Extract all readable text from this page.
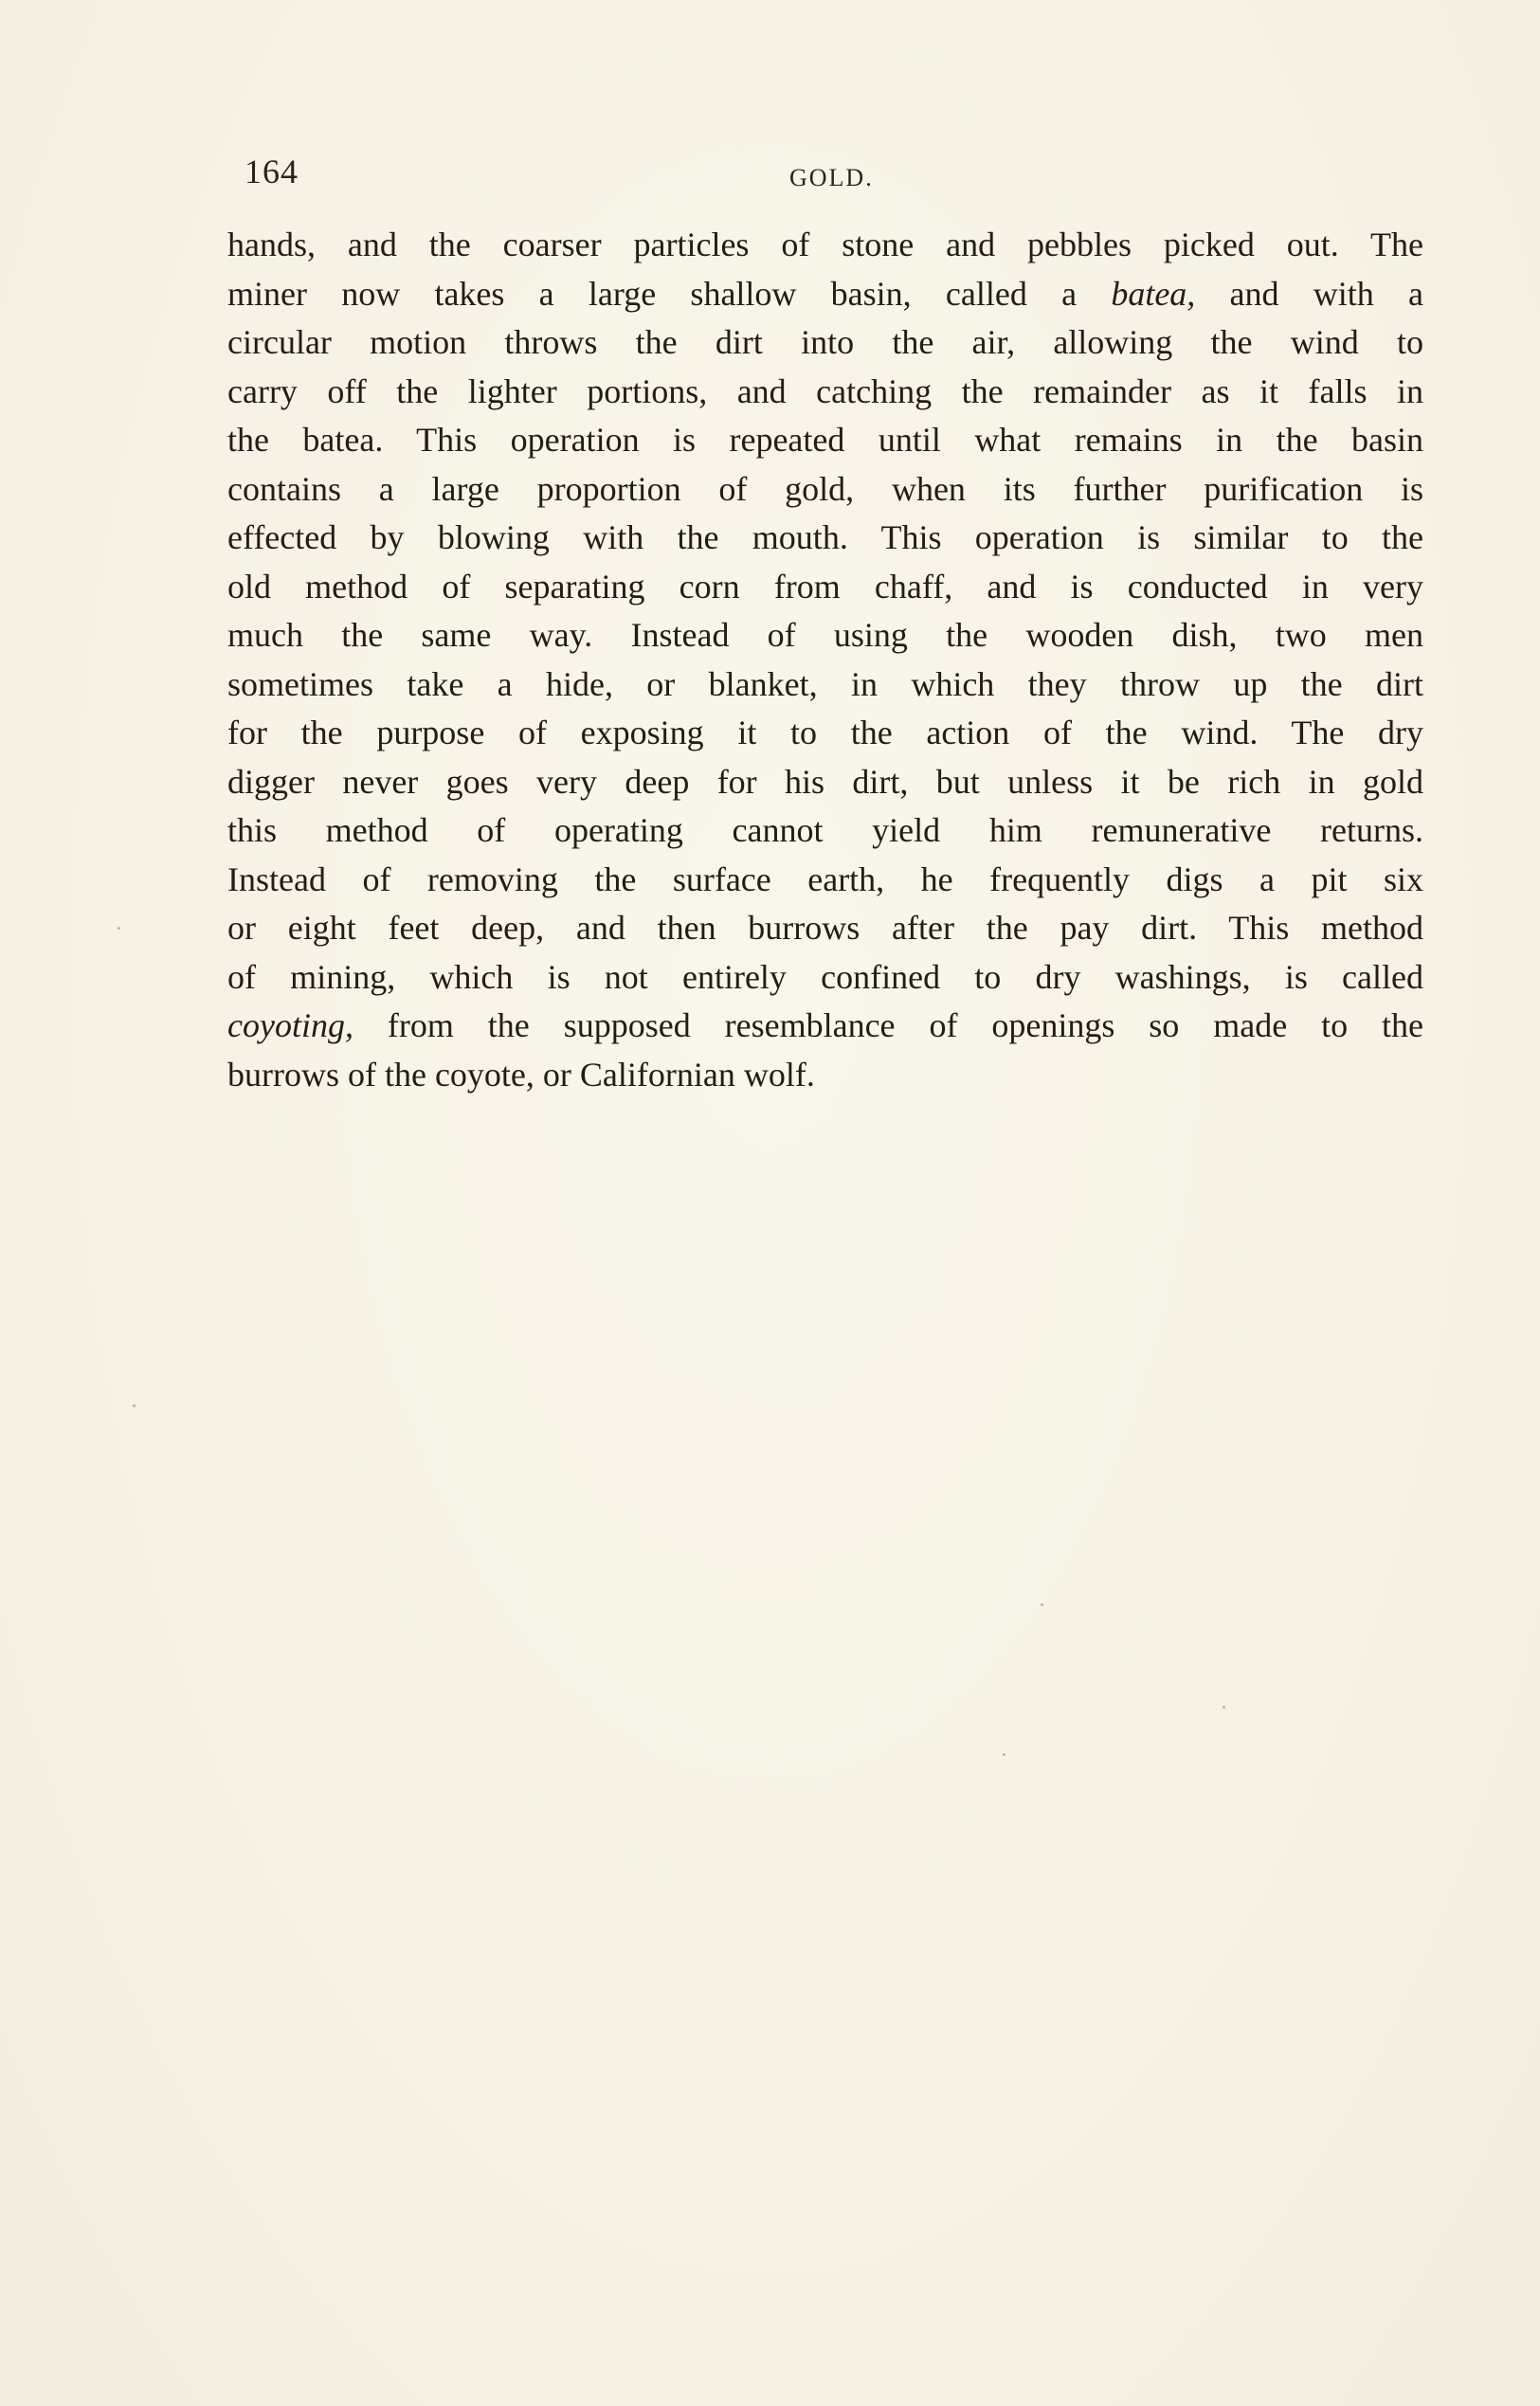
164	GOLD.
hands, and the coarser particles of stone and pebbles picked out. The
miner now takes a large shallow basin, called a batea, and with a
circular motion throws the dirt into the air, allowing the wind to
carry off the lighter portions, and catching the remainder as it falls in
the batea. This operation is repeated until what remains in the basin
contains a large proportion of gold, when its further purification is
effected by blowing with the mouth. This operation is similar to the
old method of separating corn from chaff, and is conducted in very
much the same way. Instead of using the wooden dish, two men
sometimes take a hide, or blanket, in which they throw up the dirt
for the purpose of exposing it to the action of the wind. The dry
digger never goes very deep for his dirt, but unless it be rich in gold
this method of operating cannot yield him remunerative returns.
Instead of removing the surface earth, he frequently digs a pit six
or eight feet deep, and then burrows after the pay dirt. This method
of mining, which is not entirely confined to dry washings, is called
coyoting, from the supposed resemblance of openings so made to the
burrows of the coyote, or Californian wolf.
